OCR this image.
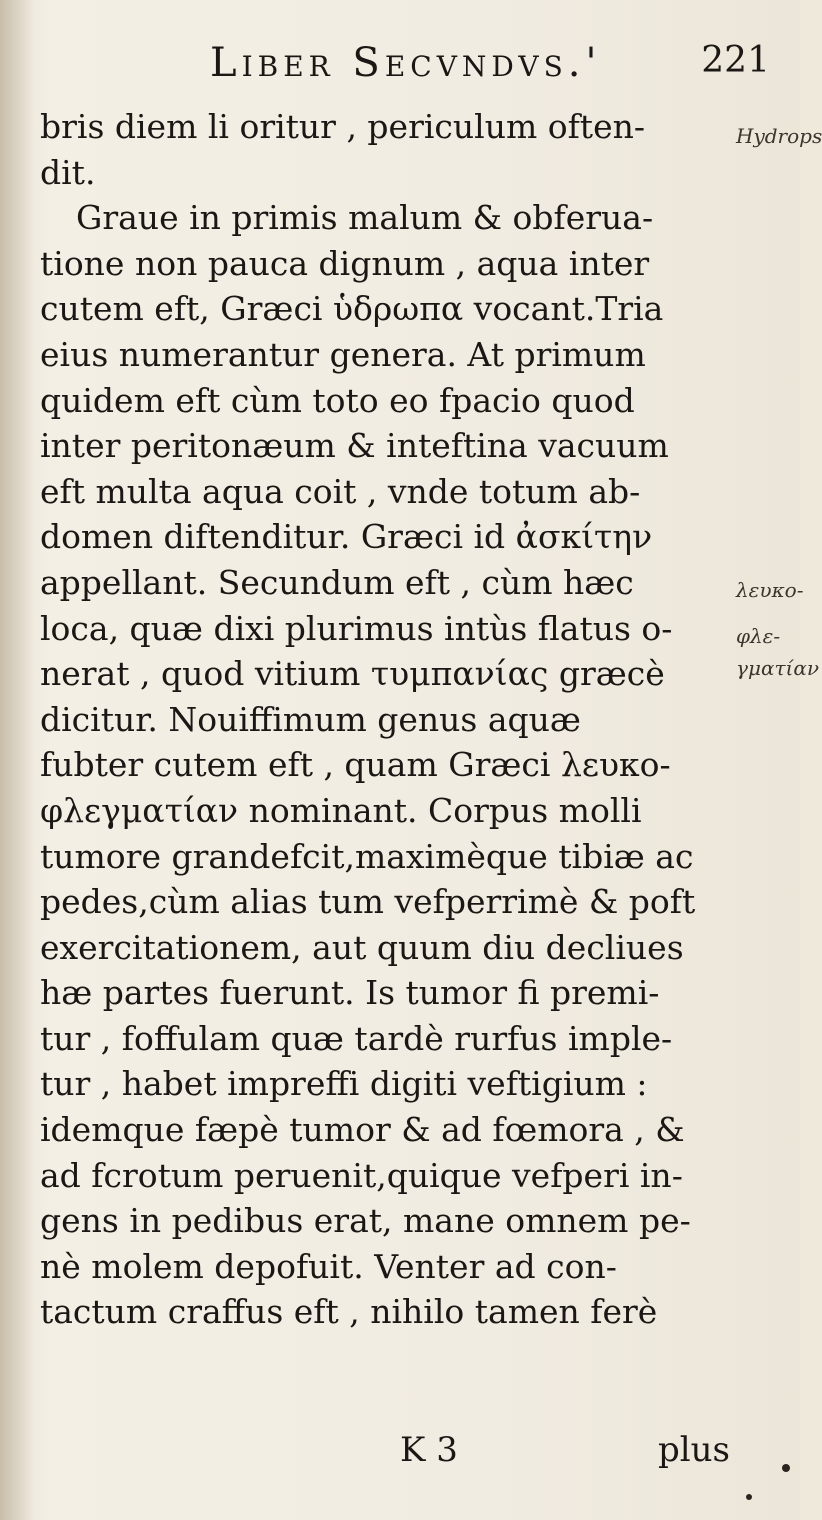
Liber Secvndvs.'	221
bris diem li oritur , periculum often-
dit.
Graue in primis malum & obferua-
tione non pauca dignum , aqua inter
cutem eft, Græci ὑδρωπα vocant.Tria
eius numerantur genera. At primum
quidem eft cùm toto eo fpacio quod
inter peritonæum & inteftina vacuum
eft multa aqua coit , vnde totum ab-
domen diftenditur. Græci id ἀσκίτην
appellant. Secundum eft , cùm hæc
loca, quæ dixi plurimus intùs flatus o-
nerat , quod vitium τυμπανίας græcè
dicitur. Nouiffimum genus aquæ
fubter cutem eft , quam Græci λευκο-
φλεγματίαν nominant. Corpus molli
tumore grandefcit,maximèque tibiæ ac
pedes,cùm alias tum vefperrimè & poft
exercitationem, aut quum diu decliues
hæ partes fuerunt. Is tumor fi premi-
tur , foffulam quæ tardè rurfus imple-
tur , habet impreffi digiti veftigium :
idemque fæpè tumor & ad fœmora , &
ad fcrotum peruenit,quique vefperi in-
gens in pedibus erat, mane omnem pe-
nè molem depofuit. Venter ad con-
tactum craffus eft , nihilo tamen ferè
Hydrops
λευκο-
φλε-
γματίαν
K 3	plus
